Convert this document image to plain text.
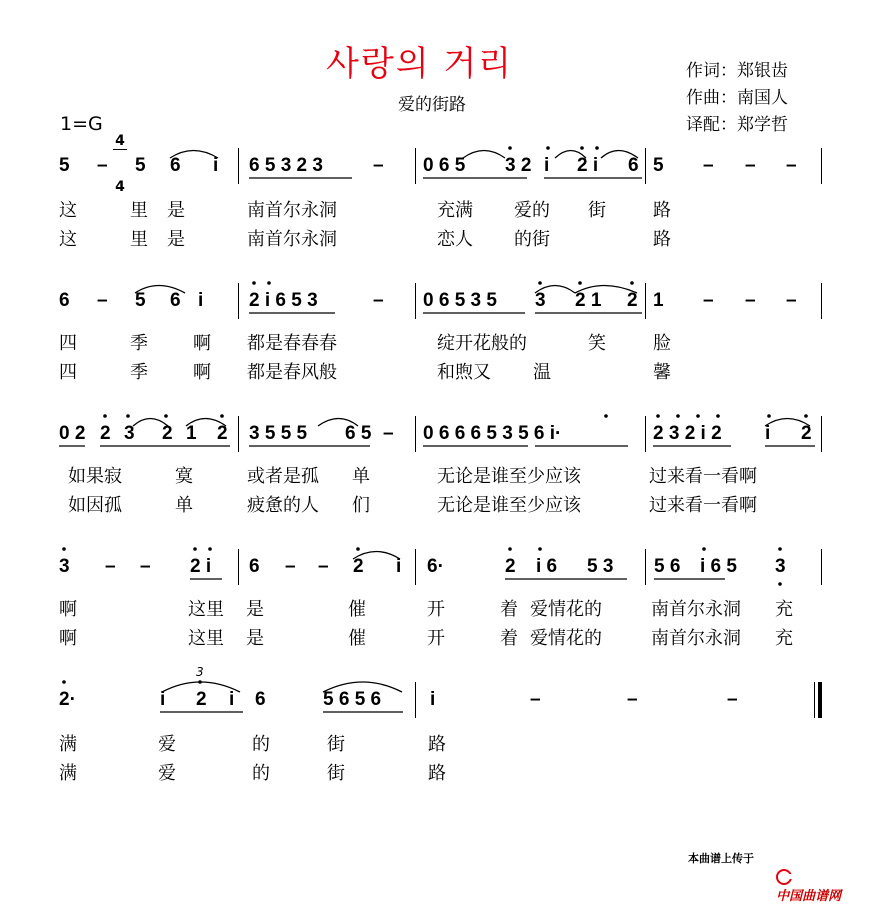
사랑의 거리
爱的街路
作词：郑银齿
作曲：南国人
译配：郑学哲
1=G

4

4

5 – 5 6 i 6 5 3 2 3	– 0 6 5 3 2 i 2 i 6 5 – – –
这	里 是	南首尔永洞	充满 爱的 街	路
这	里 是	南首尔永洞	恋人 的街	路
6 – 5 6 i 2 i 6 5 3	– 0 6 5 3 5 3 2 1 2 1 – – –
四	季	啊 都是春春春	绽开花般的	笑	脸
四	季	啊 都是春风般	和煦又 温	馨
0 2 2 3 2 1 2 3 5 5 5 6 5 – 0 6 6 6 5 3 5 6 i·	2 3 2 i 2 i 2
如果寂	寞	或者是孤 单	无论是谁至少应该	过来看一看啊
如因孤	单	疲惫的人 们	无论是谁至少应该	过来看一看啊
3 – – 2 i 6 – – 2 i 6·	2 i 6 5 3 5 6 i 6 5 3
啊	这里 是	催	开	着 爱情花的	南首尔永洞 充
啊	这里 是	催	开	着 爱情花的	南首尔永洞 充
2·	i 2 i 6	5 6 5 6	i	–	–	–
满	爱	的	街	路
满	爱	的	街	路
3
本曲谱上传于

中国曲谱网
